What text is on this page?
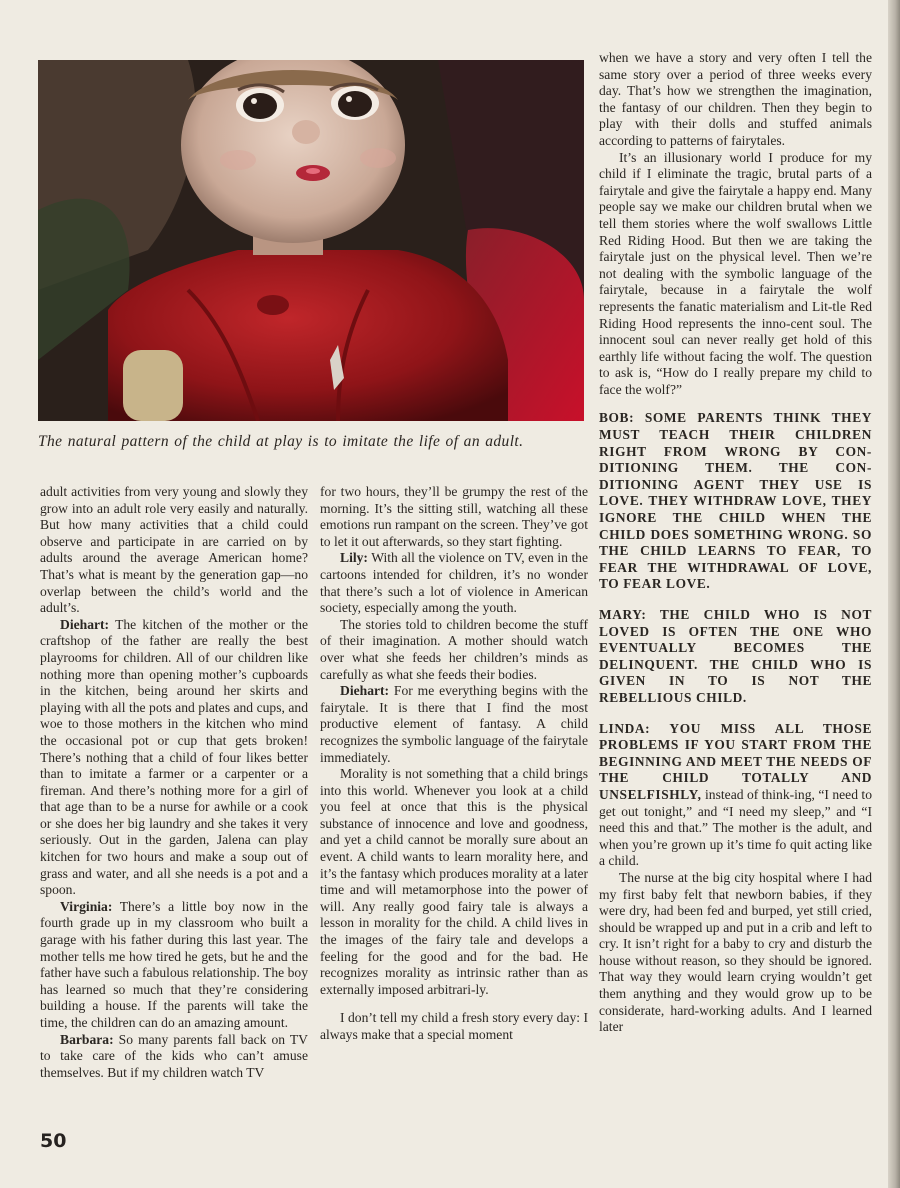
The natural pattern of the child at play is to imitate the life of an adult.

adult activities from very young and slowly they grow into an adult role very easily and naturally. But how many activities that a child could observe and participate in are carried on by adults around the average American home? That’s what is meant by the generation gap—no overlap between the child’s world and the adult’s.

Diehart: The kitchen of the mother or the craftshop of the father are really the best playrooms for children. All of our children like nothing more than opening mother’s cupboards in the kitchen, being around her skirts and playing with all the pots and plates and cups, and woe to those mothers in the kitchen who mind the occasional pot or cup that gets broken! There’s nothing that a child of four likes better than to imitate a farmer or a carpenter or a fireman. And there’s nothing more for a girl of that age than to be a nurse for awhile or a cook or she does her big laundry and she takes it very seriously. Out in the garden, Jalena can play kitchen for two hours and make a soup out of grass and water, and all she needs is a pot and a spoon.

Virginia: There’s a little boy now in the fourth grade up in my classroom who built a garage with his father during this last year. The mother tells me how tired he gets, but he and the father have such a fabulous relationship. The boy has learned so much that they’re considering building a house. If the parents will take the time, the children can do an amazing amount.

Barbara: So many parents fall back on TV to take care of the kids who can’t amuse themselves. But if my children watch TV

for two hours, they’ll be grumpy the rest of the morning. It’s the sitting still, watching all these emotions run rampant on the screen. They’ve got to let it out afterwards, so they start fighting.

Lily: With all the violence on TV, even in the cartoons intended for children, it’s no wonder that there’s such a lot of violence in American society, especially among the youth.

The stories told to children become the stuff of their imagination. A mother should watch over what she feeds her children’s minds as carefully as what she feeds their bodies.

Diehart: For me everything begins with the fairytale. It is there that I find the most productive element of fantasy. A child recognizes the symbolic language of the fairytale immediately.

Morality is not something that a child brings into this world. Whenever you look at a child you feel at once that this is the physical substance of innocence and love and goodness, and yet a child cannot be morally sure about an event. A child wants to learn morality here, and it’s the fantasy which produces morality at a later time and will metamorphose into the power of will. Any really good fairy tale is always a lesson in morality for the child. A child lives in the images of the fairy tale and develops a feeling for the good and for the bad. He recognizes morality as intrinsic rather than as externally imposed arbitrari-ly.

I don’t tell my child a fresh story every day: I always make that a special moment

when we have a story and very often I tell the same story over a period of three weeks every day. That’s how we strengthen the imagination, the fantasy of our children. Then they begin to play with their dolls and stuffed animals according to patterns of fairytales.

It’s an illusionary world I produce for my child if I eliminate the tragic, brutal parts of a fairytale and give the fairytale a happy end. Many people say we make our children brutal when we tell them stories where the wolf swallows Little Red Riding Hood. But then we are taking the fairytale just on the physical level. Then we’re not dealing with the symbolic language of the fairytale, because in a fairytale the wolf represents the fanatic materialism and Lit-tle Red Riding Hood represents the inno-cent soul. The innocent soul can never really get hold of this earthly life without facing the wolf. The question to ask is, “How do I really prepare my child to face the wolf?”

BOB: SOME PARENTS THINK THEY MUST TEACH THEIR CHILDREN RIGHT FROM WRONG BY CON-DITIONING THEM. THE CON-DITIONING AGENT THEY USE IS LOVE. THEY WITHDRAW LOVE, THEY IGNORE THE CHILD WHEN THE CHILD DOES SOMETHING WRONG. SO THE CHILD LEARNS TO FEAR, TO FEAR THE WITHDRAWAL OF LOVE, TO FEAR LOVE.

MARY: THE CHILD WHO IS NOT LOVED IS OFTEN THE ONE WHO EVENTUALLY BECOMES THE DELINQUENT. THE CHILD WHO IS GIVEN IN TO IS NOT THE REBELLIOUS CHILD.

LINDA: YOU MISS ALL THOSE PROBLEMS IF YOU START FROM THE BEGINNING AND MEET THE NEEDS OF THE CHILD TOTALLY AND UNSELFISHLY, instead of think-ing, “I need to get out tonight,” and “I need my sleep,” and “I need this and that.” The mother is the adult, and when you’re grown up it’s time fo quit acting like a child.

The nurse at the big city hospital where I had my first baby felt that newborn babies, if they were dry, had been fed and burped, yet still cried, should be wrapped up and put in a crib and left to cry. It isn’t right for a baby to cry and disturb the house without reason, so they should be ignored. That way they would learn crying wouldn’t get them anything and they would grow up to be considerate, hard-working adults. And I learned later

50
